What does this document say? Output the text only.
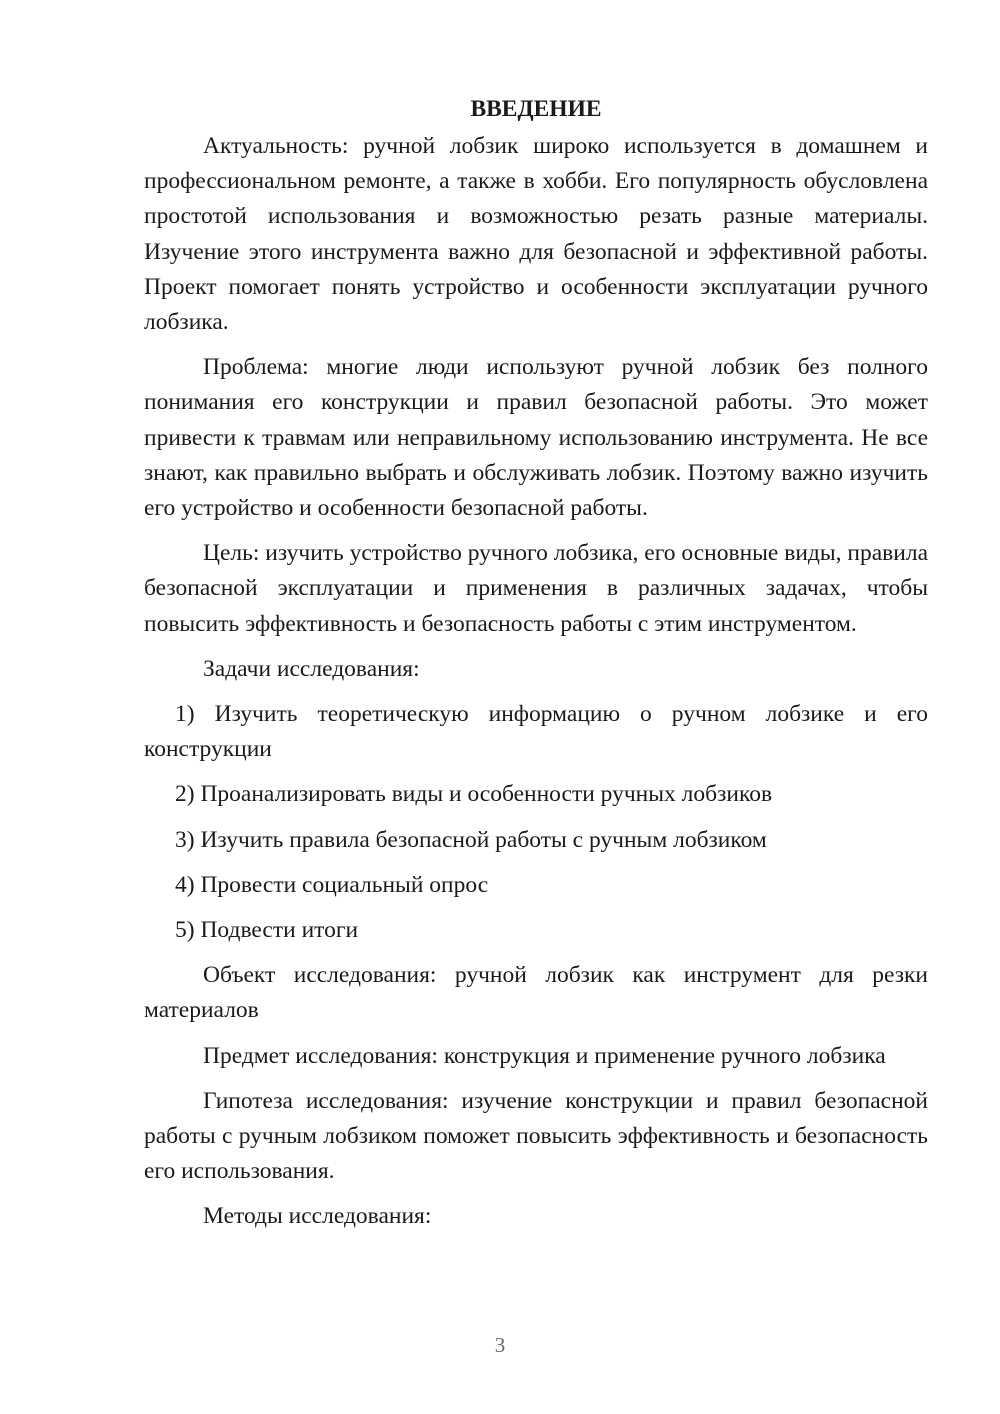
ВВЕДЕНИЕ

Актуальность: ручной лобзик широко используется в домашнем и профессиональном ремонте, а также в хобби. Его популярность обусловлена простотой использования и возможностью резать разные материалы. Изучение этого инструмента важно для безопасной и эффективной работы. Проект помогает понять устройство и особенности эксплуатации ручного лобзика.

Проблема: многие люди используют ручной лобзик без полного понимания его конструкции и правил безопасной работы. Это может привести к травмам или неправильному использованию инструмента. Не все знают, как правильно выбрать и обслуживать лобзик. Поэтому важно изучить его устройство и особенности безопасной работы.

Цель: изучить устройство ручного лобзика, его основные виды, правила безопасной эксплуатации и применения в различных задачах, чтобы повысить эффективность и безопасность работы с этим инструментом.

Задачи исследования:

1) Изучить теоретическую информацию о ручном лобзике и его конструкции

2) Проанализировать виды и особенности ручных лобзиков

3) Изучить правила безопасной работы с ручным лобзиком

4) Провести социальный опрос

5) Подвести итоги

Объект исследования: ручной лобзик как инструмент для резки материалов

Предмет исследования: конструкция и применение ручного лобзика

Гипотеза исследования: изучение конструкции и правил безопасной работы с ручным лобзиком поможет повысить эффективность и безопасность его использования.

Методы исследования:

3
